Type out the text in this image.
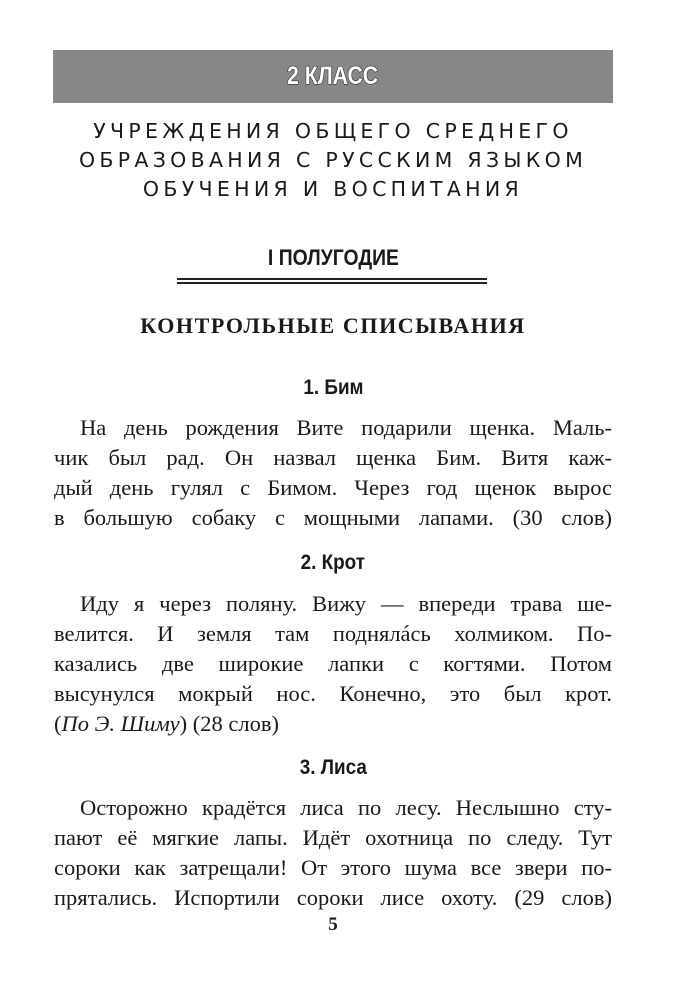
2 КЛАСС
УЧРЕЖДЕНИЯ ОБЩЕГО СРЕДНЕГО
ОБРАЗОВАНИЯ С РУССКИМ ЯЗЫКОМ
ОБУЧЕНИЯ И ВОСПИТАНИЯ
I ПОЛУГОДИЕ
КОНТРОЛЬНЫЕ СПИСЫВАНИЯ
1. Бим
На день рождения Вите подарили щенка. Маль-
чик был рад. Он назвал щенка Бим. Витя каж-
дый день гулял с Бимом. Через год щенок вырос
в большую собаку с мощными лапами. (30 слов)
2. Крот
Иду я через поляну. Вижу — впереди трава ше-
велится. И земля там поднялáсь холмиком. По-
казались две широкие лапки с когтями. Потом
высунулся мокрый нос. Конечно, это был крот.
(По Э. Шиму) (28 слов)
3. Лиса
Осторожно крадётся лиса по лесу. Неслышно сту-
пают её мягкие лапы. Идёт охотница по следу. Тут
сороки как затрещали! От этого шума все звери по-
прятались. Испортили сороки лисе охоту. (29 слов)
5
